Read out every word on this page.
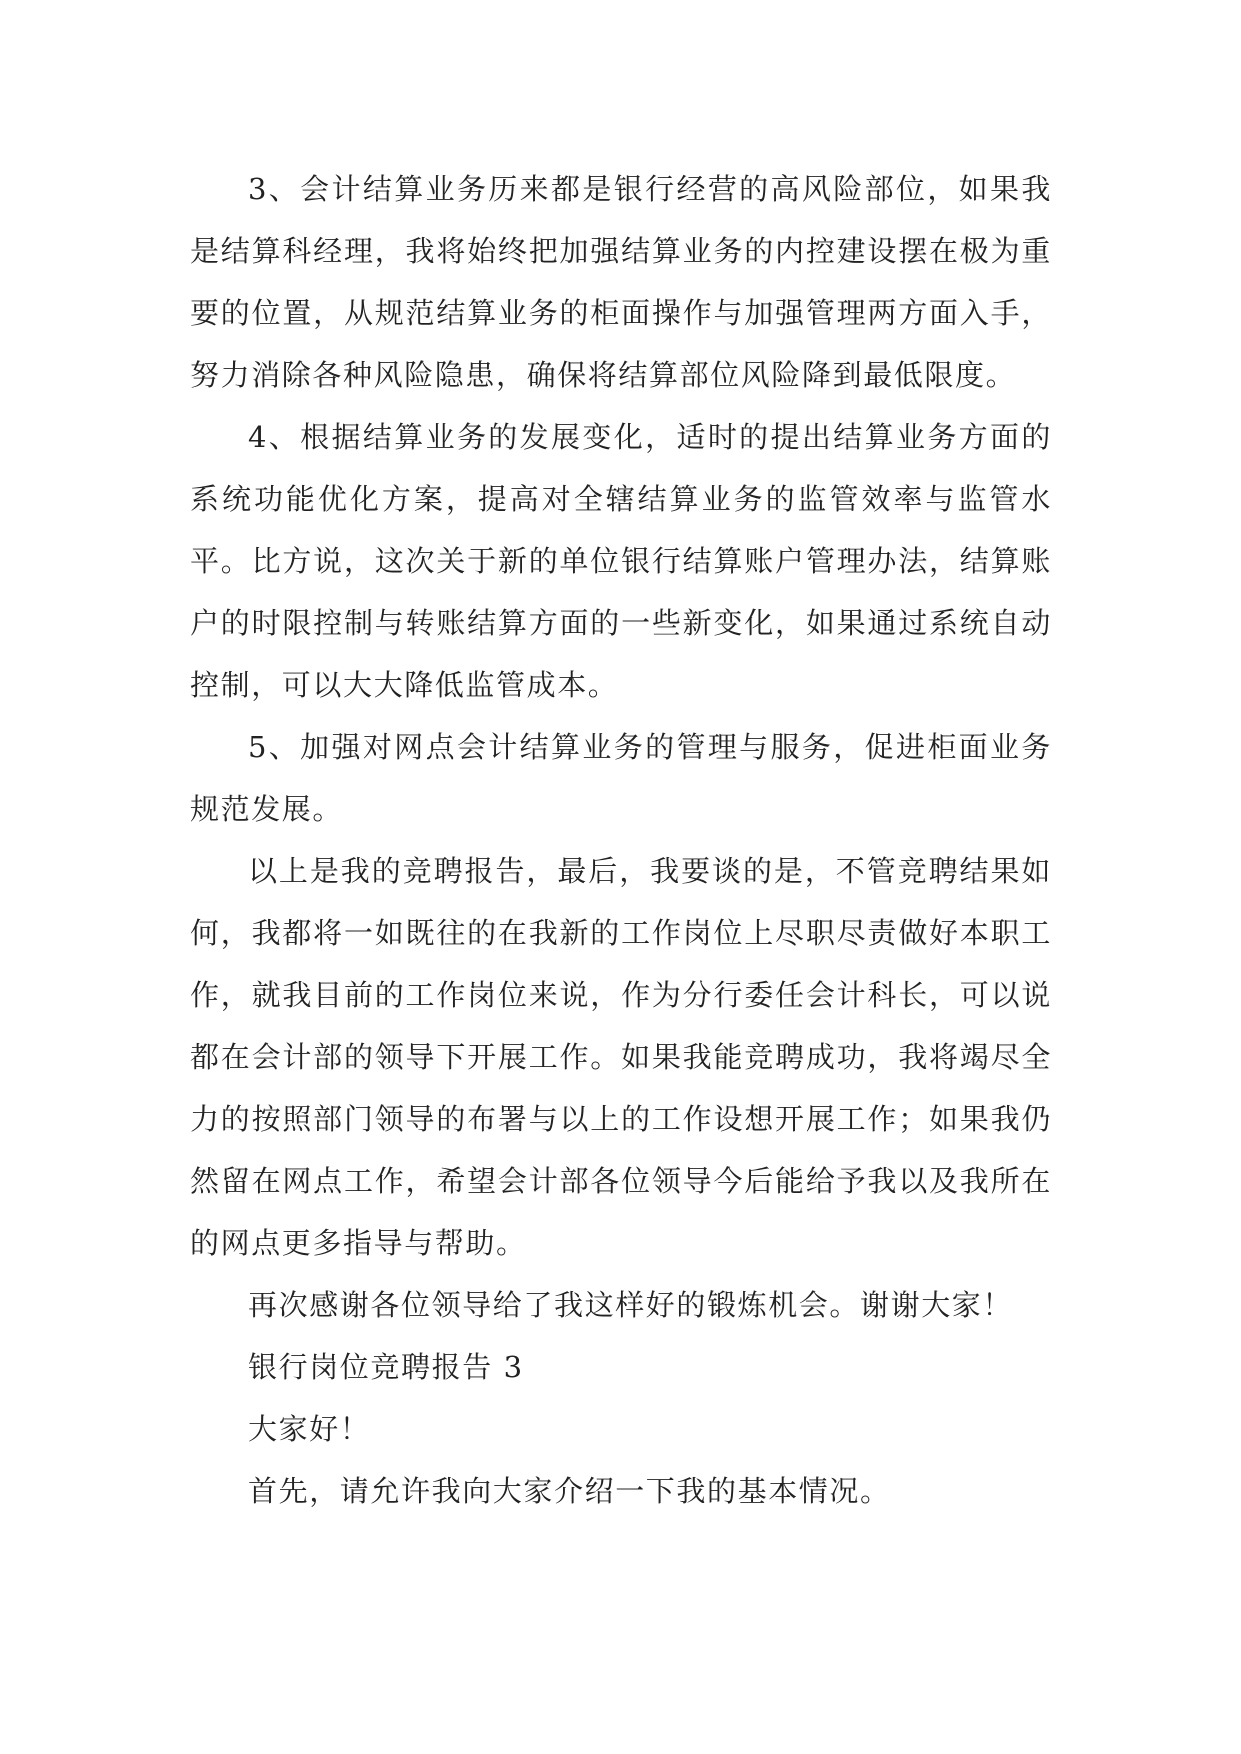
3、会计结算业务历来都是银行经营的高风险部位，如果我是结算科经理，我将始终把加强结算业务的内控建设摆在极为重要的位置，从规范结算业务的柜面操作与加强管理两方面入手，努力消除各种风险隐患，确保将结算部位风险降到最低限度。

4、根据结算业务的发展变化，适时的提出结算业务方面的系统功能优化方案，提高对全辖结算业务的监管效率与监管水平。比方说，这次关于新的单位银行结算账户管理办法，结算账户的时限控制与转账结算方面的一些新变化，如果通过系统自动控制，可以大大降低监管成本。

5、加强对网点会计结算业务的管理与服务，促进柜面业务规范发展。

以上是我的竞聘报告，最后，我要谈的是，不管竞聘结果如何，我都将一如既往的在我新的工作岗位上尽职尽责做好本职工作，就我目前的工作岗位来说，作为分行委任会计科长，可以说都在会计部的领导下开展工作。如果我能竞聘成功，我将竭尽全力的按照部门领导的布署与以上的工作设想开展工作；如果我仍然留在网点工作，希望会计部各位领导今后能给予我以及我所在的网点更多指导与帮助。

再次感谢各位领导给了我这样好的锻炼机会。谢谢大家！

银行岗位竞聘报告 3

大家好！

首先，请允许我向大家介绍一下我的基本情况。
